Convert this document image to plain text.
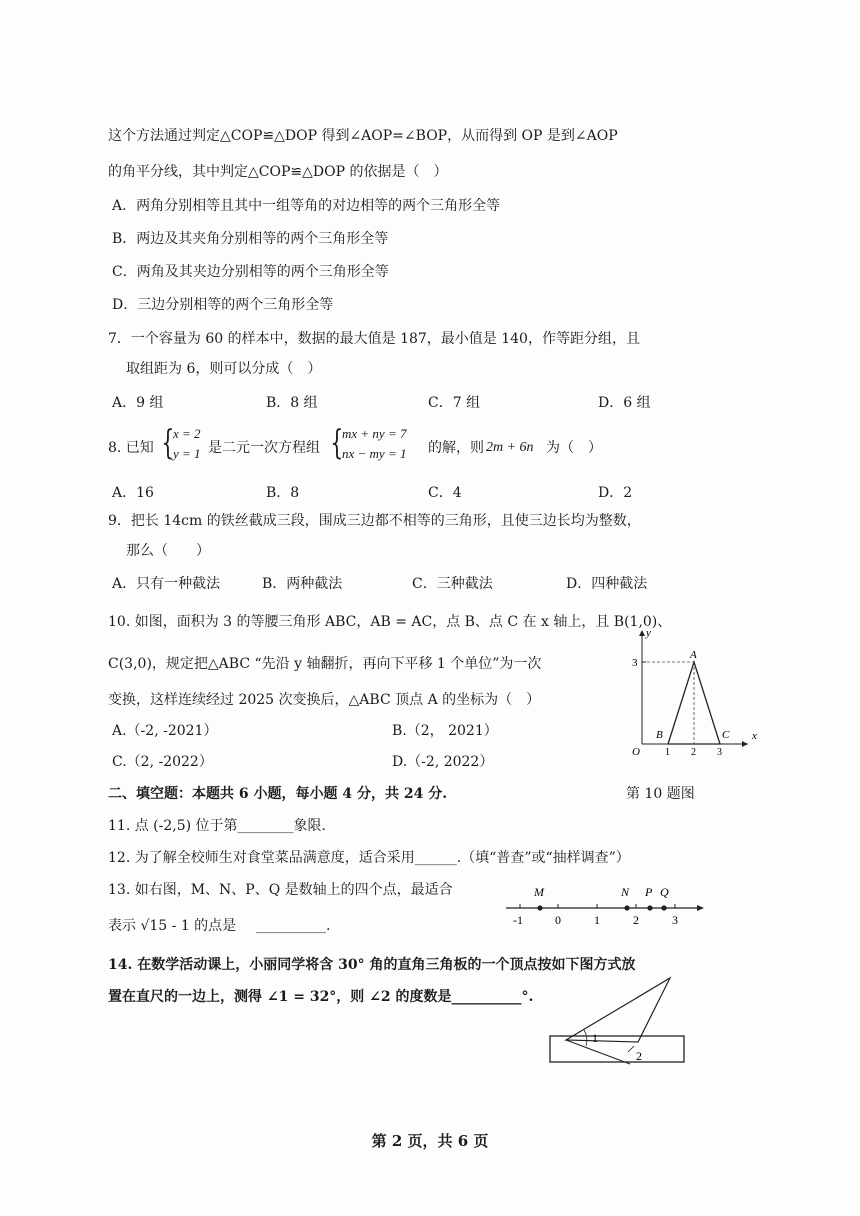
这个方法通过判定△COP≌△DOP 得到∠AOP=∠BOP，从而得到 OP 是到∠AOP
的角平分线，其中判定△COP≌△DOP 的依据是（　）
A．两角分别相等且其中一组等角的对边相等的两个三角形全等
B．两边及其夹角分别相等的两个三角形全等
C．两角及其夹边分别相等的两个三角形全等
D．三边分别相等的两个三角形全等
7．一个容量为 60 的样本中，数据的最大值是 187，最小值是 140，作等距分组，且
取组距为 6，则可以分成（　）
A．9 组	B．8 组	C．7 组	D．6 组
8. 已知 {
x = 2
y = 1 是二元一次方程组 {
mx + ny = 7
nx − my = 1 的解，则 2m + 6n 为（　）
A．16	B．8	C．4	D．2
9．把长 14cm 的铁丝截成三段，围成三边都不相等的三角形，且使三边长均为整数，
那么（　　）
A．只有一种截法	B．两种截法	C．三种截法	D．四种截法
10. 如图，面积为 3 的等腰三角形 ABC，AB = AC，点 B、点 C 在 x 轴上，且 B(1,0)、
C(3,0)，规定把△ABC “先沿 y 轴翻折，再向下平移 1 个单位”为一次
变换，这样连续经过 2025 次变换后，△ABC 顶点 A 的坐标为（　）
A.（-2, -2021）	B.（2， 2021）
C.（2, -2022）	D.（-2, 2022）
x
y
O
3
1 2 3
A
B	C
第 10 题图
二、填空题：本题共 6 小题，每小题 4 分，共 24 分.
11. 点 (-2,5) 位于第________象限.
12. 为了解全校师生对食堂菜品满意度，适合采用______.（填“普查”或“抽样调查”）
13. 如右图，M、N、P、Q 是数轴上的四个点，最适合
表示 √15 - 1 的点是 __________.
M	N P Q
-1	0	1	2	3
14. 在数学活动课上，小丽同学将含 30° 角的直角三角板的一个顶点按如下图方式放
置在直尺的一边上，测得 ∠1 = 32°，则 ∠2 的度数是__________°.
1
2
第 2 页，共 6 页
